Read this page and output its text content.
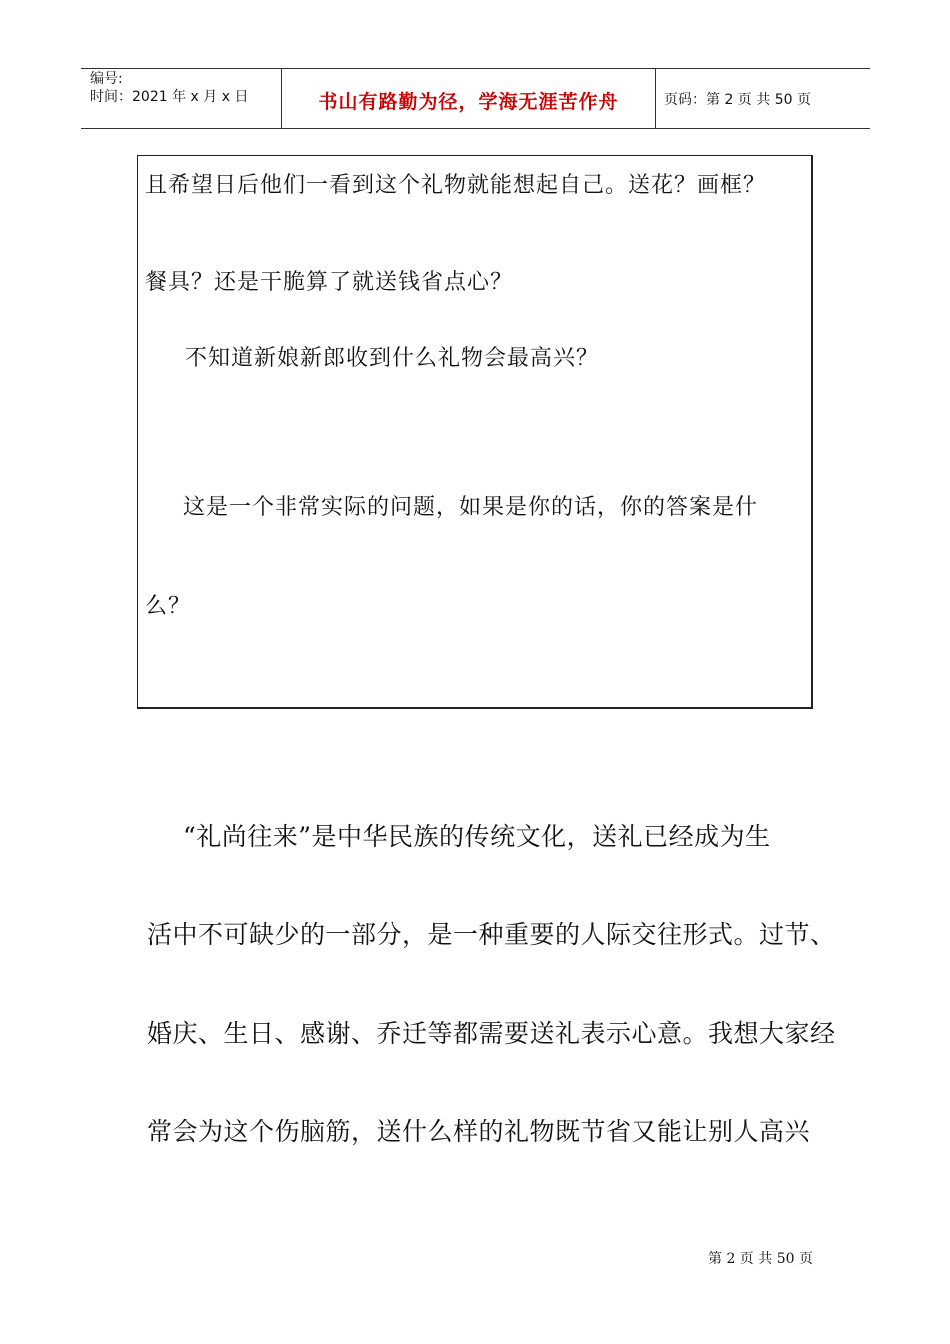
编号:
时间：2021 年 x 月 x 日	书山有路勤为径，学海无涯苦作舟	页码：第 2 页 共 50 页
且希望日后他们一看到这个礼物就能想起自己。送花？画框？
餐具？还是干脆算了就送钱省点心？
不知道新娘新郎收到什么礼物会最高兴？
这是一个非常实际的问题，如果是你的话，你的答案是什
么？
“礼尚往来”是中华民族的传统文化，送礼已经成为生
活中不可缺少的一部分，是一种重要的人际交往形式。过节、
婚庆、生日、感谢、乔迁等都需要送礼表示心意。我想大家经
常会为这个伤脑筋，送什么样的礼物既节省又能让别人高兴
第 2 页 共 50 页
